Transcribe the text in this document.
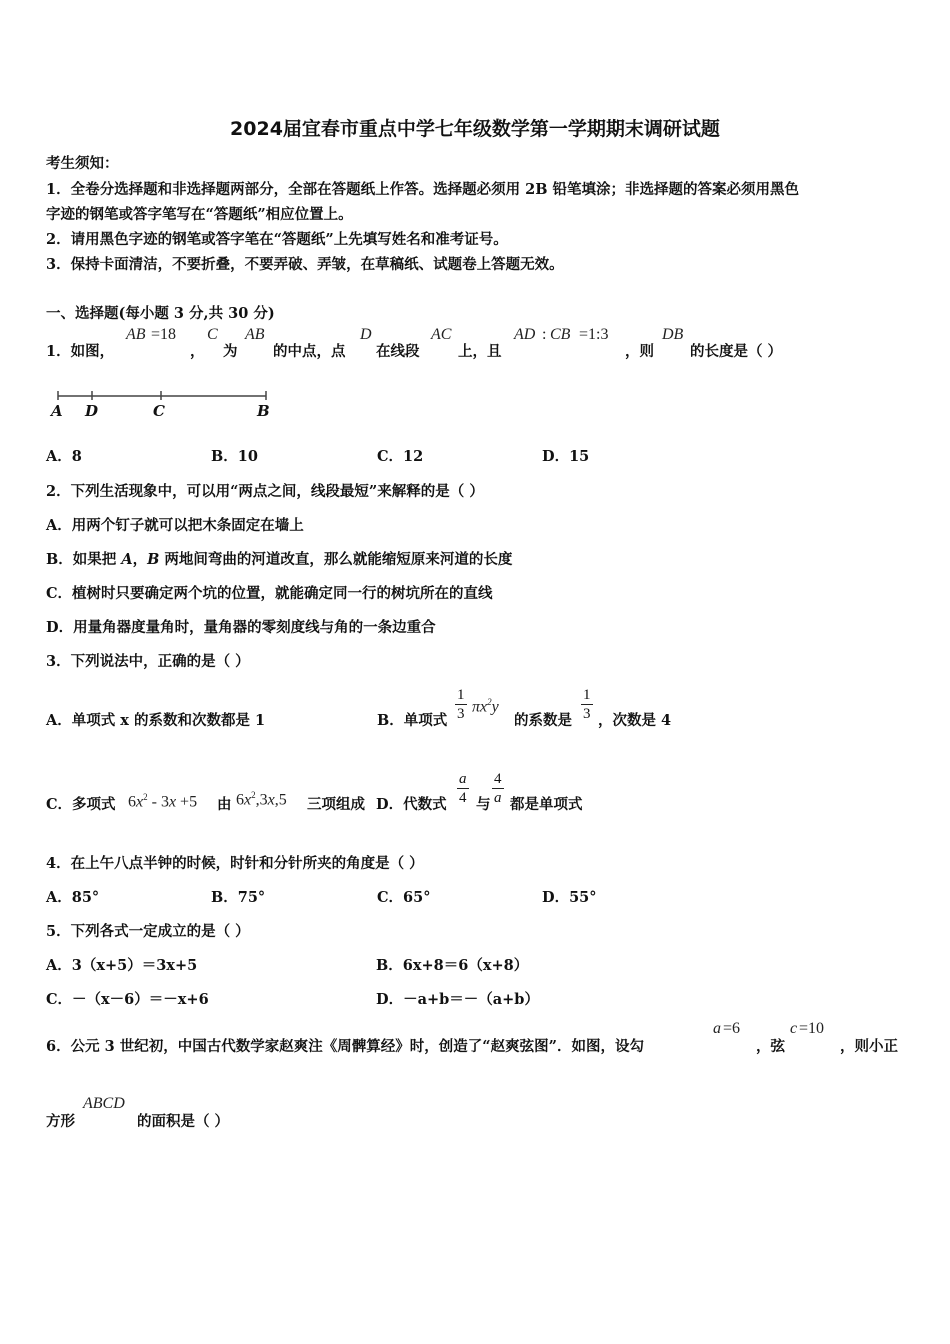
2024届宜春市重点中学七年级数学第一学期期末调研试题
考生须知：
1．全卷分选择题和非选择题两部分，全部在答题纸上作答。选择题必须用 2B 铅笔填涂；非选择题的答案必须用黑色
字迹的钢笔或答字笔写在“答题纸”相应位置上。
2．请用黑色字迹的钢笔或答字笔在“答题纸”上先填写姓名和准考证号。
3．保持卡面清洁，不要折叠，不要弄破、弄皱，在草稿纸、试题卷上答题无效。
一、选择题(每小题 3 分,共 30 分)
1．如图，
AB =18
，
C
为
AB
的中点，点
D
在线段
AC
上，且
AD : CB =1:3
，则
DB
的长度是（ ）
A D	C	B
A．8	B．10	C．12	D．15
2．下列生活现象中，可以用“两点之间，线段最短”来解释的是（ ）
A．用两个钉子就可以把木条固定在墙上
B．如果把 A，B 两地间弯曲的河道改直，那么就能缩短原来河道的长度
C．植树时只要确定两个坑的位置，就能确定同一行的树坑所在的直线
D．用量角器度量角时，量角器的零刻度线与角的一条边重合
3．下列说法中，正确的是（ ）
A．单项式 x 的系数和次数都是 1	B．单项式 $\frac{1}{3} \pi x^2y$
的系数是 $\frac{1}{3}$ ，次数是 4
C．多项式 $6x^2 - 3x +5$ 由 $6x^2,3x,5$ 三项组成 D．代数式 $\frac{a}{4}$ 与 $\frac{4}{a}$ 都是单项式
4．在上午八点半钟的时候，时针和分针所夹的角度是（ ）
A．85°	B．75°	C．65°	D．55°
5．下列各式一定成立的是（ ）
A．3（x+5）＝3x+5	B．6x+8＝6（x+8）
C．－（x－6）＝－x+6	D．－a+b＝－（a+b）
6．公元 3 世纪初，中国古代数学家赵爽注《周髀算经》时，创造了“赵爽弦图”．如图，设勾
a =6
，弦
c =10
，则小正
方形
ABCD
的面积是（ ）
